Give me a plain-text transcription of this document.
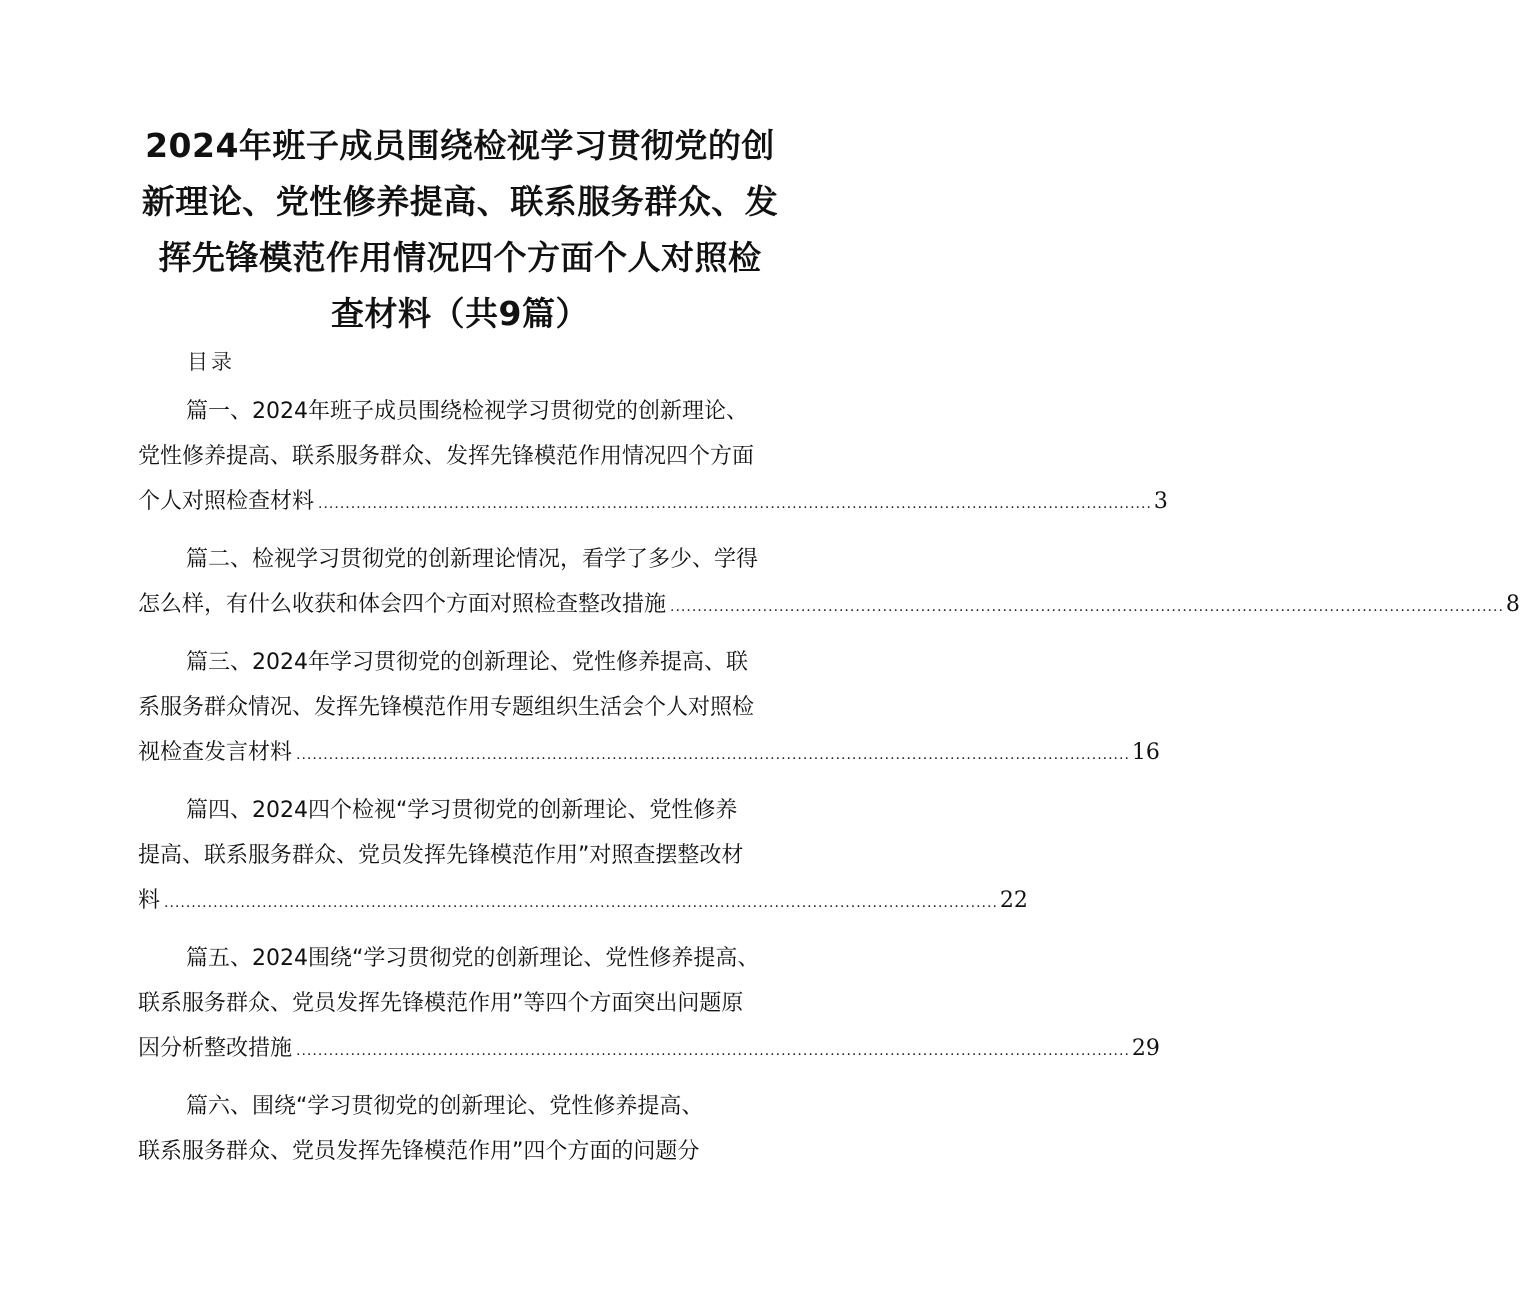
2024年班子成员围绕检视学习贯彻党的创
新理论、党性修养提高、联系服务群众、发
挥先锋模范作用情况四个方面个人对照检
查材料（共9篇）
目录
篇一、2024年班子成员围绕检视学习贯彻党的创新理论、
党性修养提高、联系服务群众、发挥先锋模范作用情况四个方面
个人对照检查材料 ......................................................................................................................................................... 3
篇二、检视学习贯彻党的创新理论情况，看学了多少、学得
怎么样，有什么收获和体会四个方面对照检查整改措施 ......................................................................................................................................................... 8
篇三、2024年学习贯彻党的创新理论、党性修养提高、联
系服务群众情况、发挥先锋模范作用专题组织生活会个人对照检
视检查发言材料 ......................................................................................................................................................... 16
篇四、2024四个检视“学习贯彻党的创新理论、党性修养
提高、联系服务群众、党员发挥先锋模范作用”对照查摆整改材
料 ......................................................................................................................................................... 22
篇五、2024围绕“学习贯彻党的创新理论、党性修养提高、
联系服务群众、党员发挥先锋模范作用”等四个方面突出问题原
因分析整改措施 ......................................................................................................................................................... 29
篇六、围绕“学习贯彻党的创新理论、党性修养提高、
联系服务群众、党员发挥先锋模范作用”四个方面的问题分
